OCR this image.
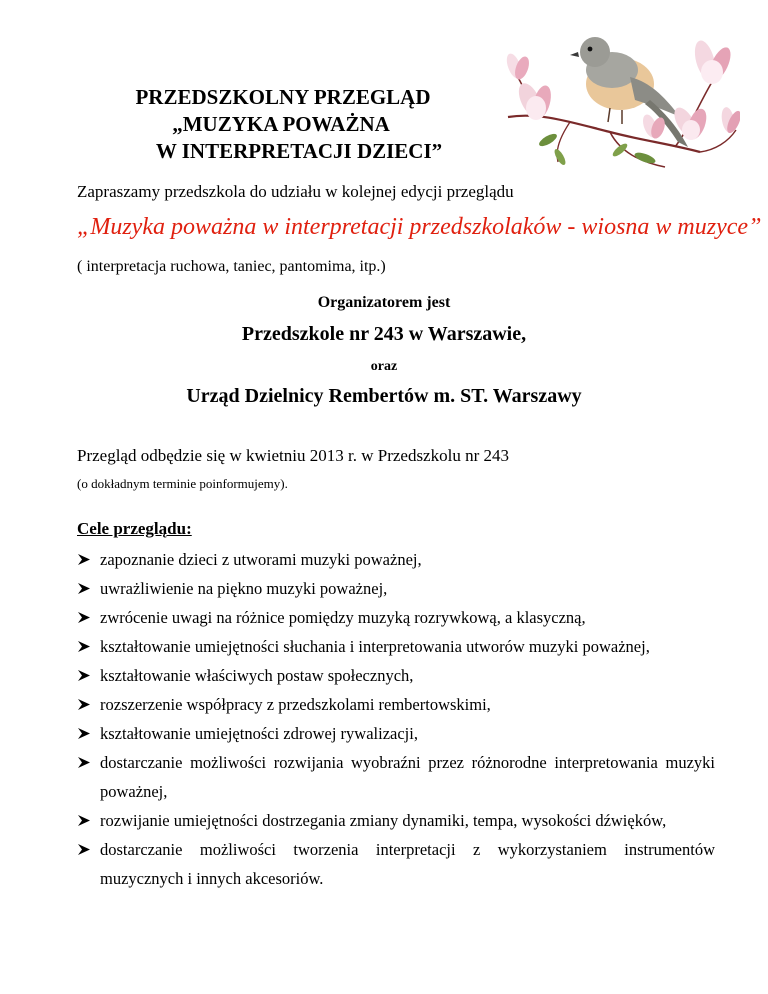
PRZEDSZKOLNY PRZEGLĄD
„MUZYKA POWAŻNA
W INTERPRETACJI DZIECI”
Zapraszamy przedszkola do udziału w kolejnej edycji przeglądu
„Muzyka poważna w interpretacji przedszkolaków - wiosna w muzyce”
( interpretacja ruchowa, taniec, pantomima, itp.)
Organizatorem jest
Przedszkole nr 243 w Warszawie,
oraz
Urząd Dzielnicy Rembertów m. ST. Warszawy
Przegląd odbędzie się w kwietniu 2013 r. w Przedszkolu nr 243
(o dokładnym terminie poinformujemy).
Cele przeglądu:
zapoznanie dzieci z utworami muzyki poważnej,
uwrażliwienie na piękno muzyki poważnej,
zwrócenie uwagi na różnice pomiędzy muzyką rozrywkową, a klasyczną,
kształtowanie umiejętności słuchania i interpretowania utworów muzyki poważnej,
kształtowanie właściwych postaw społecznych,
rozszerzenie współpracy z przedszkolami rembertowskimi,
kształtowanie umiejętności zdrowej rywalizacji,
dostarczanie możliwości rozwijania wyobraźni przez różnorodne interpretowania muzyki poważnej,
rozwijanie umiejętności dostrzegania zmiany dynamiki, tempa, wysokości dźwięków,
dostarczanie możliwości tworzenia interpretacji z wykorzystaniem instrumentów muzycznych i innych akcesoriów.
